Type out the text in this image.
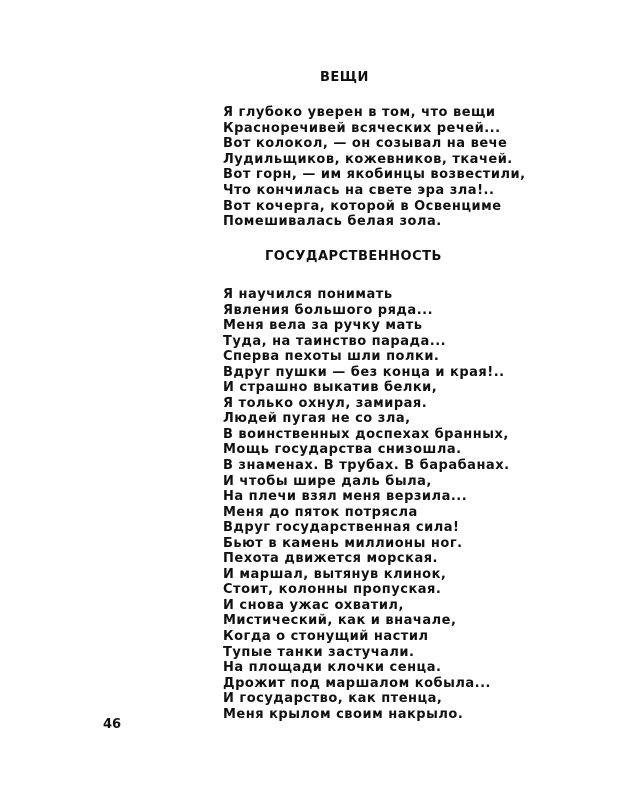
ВЕЩИ
Я глубоко уверен в том, что вещи
Красноречивей всяческих речей...
Вот колокол, — он созывал на вече
Лудильщиков, кожевников, ткачей.
Вот горн, — им якобинцы возвестили,
Что кончилась на свете эра зла!..
Вот кочерга, которой в Освенциме
Помешивалась белая зола.
ГОСУДАРСТВЕННОСТЬ
Я научился понимать
Явления большого ряда...
Меня вела за ручку мать
Туда, на таинство парада...
Сперва пехоты шли полки.
Вдруг пушки — без конца и края!..
И страшно выкатив белки,
Я только охнул, замирая.
Людей пугая не со зла,
В воинственных доспехах бранных,
Мощь государства снизошла.
В знаменах. В трубах. В барабанах.
И чтобы шире даль была,
На плечи взял меня верзила...
Меня до пяток потрясла
Вдруг государственная сила!
Бьют в камень миллионы ног.
Пехота движется морская.
И маршал, вытянув клинок,
Стоит, колонны пропуская.
И снова ужас охватил,
Мистический, как и вначале,
Когда о стонущий настил
Тупые танки застучали.
На площади клочки сенца.
Дрожит под маршалом кобыла...
И государство, как птенца,
Меня крылом своим накрыло.

46
